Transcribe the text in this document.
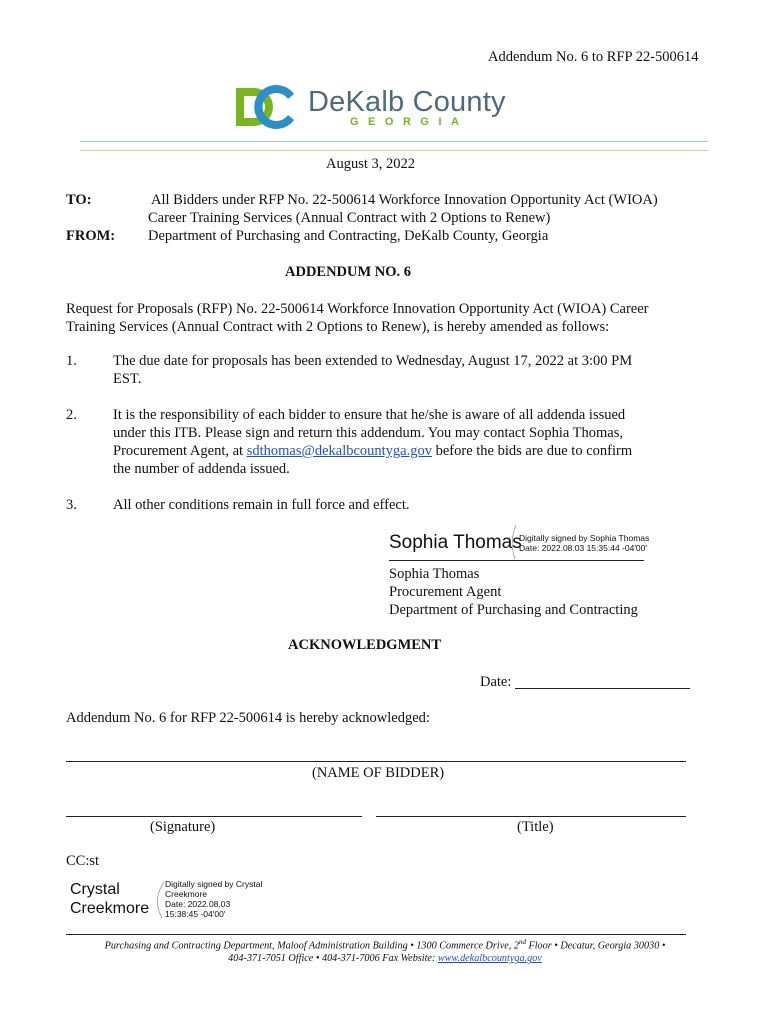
Addendum No. 6 to RFP 22-500614
DeKalb County
GEORGIA
August 3, 2022
TO:	All Bidders under RFP No. 22-500614 Workforce Innovation Opportunity Act (WIOA)
Career Training Services (Annual Contract with 2 Options to Renew)
FROM: Department of Purchasing and Contracting, DeKalb County, Georgia
ADDENDUM NO. 6
Request for Proposals (RFP) No. 22-500614 Workforce Innovation Opportunity Act (WIOA) Career
Training Services (Annual Contract with 2 Options to Renew), is hereby amended as follows:
1.	The due date for proposals has been extended to Wednesday, August 17, 2022 at 3:00 PM
EST.
2.	It is the responsibility of each bidder to ensure that he/she is aware of all addenda issued
under this ITB. Please sign and return this addendum. You may contact Sophia Thomas,
Procurement Agent, at sdthomas@dekalbcountyga.gov before the bids are due to confirm
the number of addenda issued.
3.	All other conditions remain in full force and effect.
Sophia Thomas
Digitally signed by Sophia Thomas
Date: 2022.08.03 15:35:44 -04'00'
Sophia Thomas
Procurement Agent
Department of Purchasing and Contracting
ACKNOWLEDGMENT
Date:
Addendum No. 6 for RFP 22-500614 is hereby acknowledged:
(NAME OF BIDDER)
(Signature)	(Title)
CC:st
Crystal
Creekmore
Digitally signed by Crystal
Creekmore
Date: 2022.08.03
15:38:45 -04'00'
Purchasing and Contracting Department, Maloof Administration Building • 1300 Commerce Drive, 2nd Floor • Decatur, Georgia 30030 •
404-371-7051 Office • 404-371-7006 Fax Website: www.dekalbcountyga.gov
